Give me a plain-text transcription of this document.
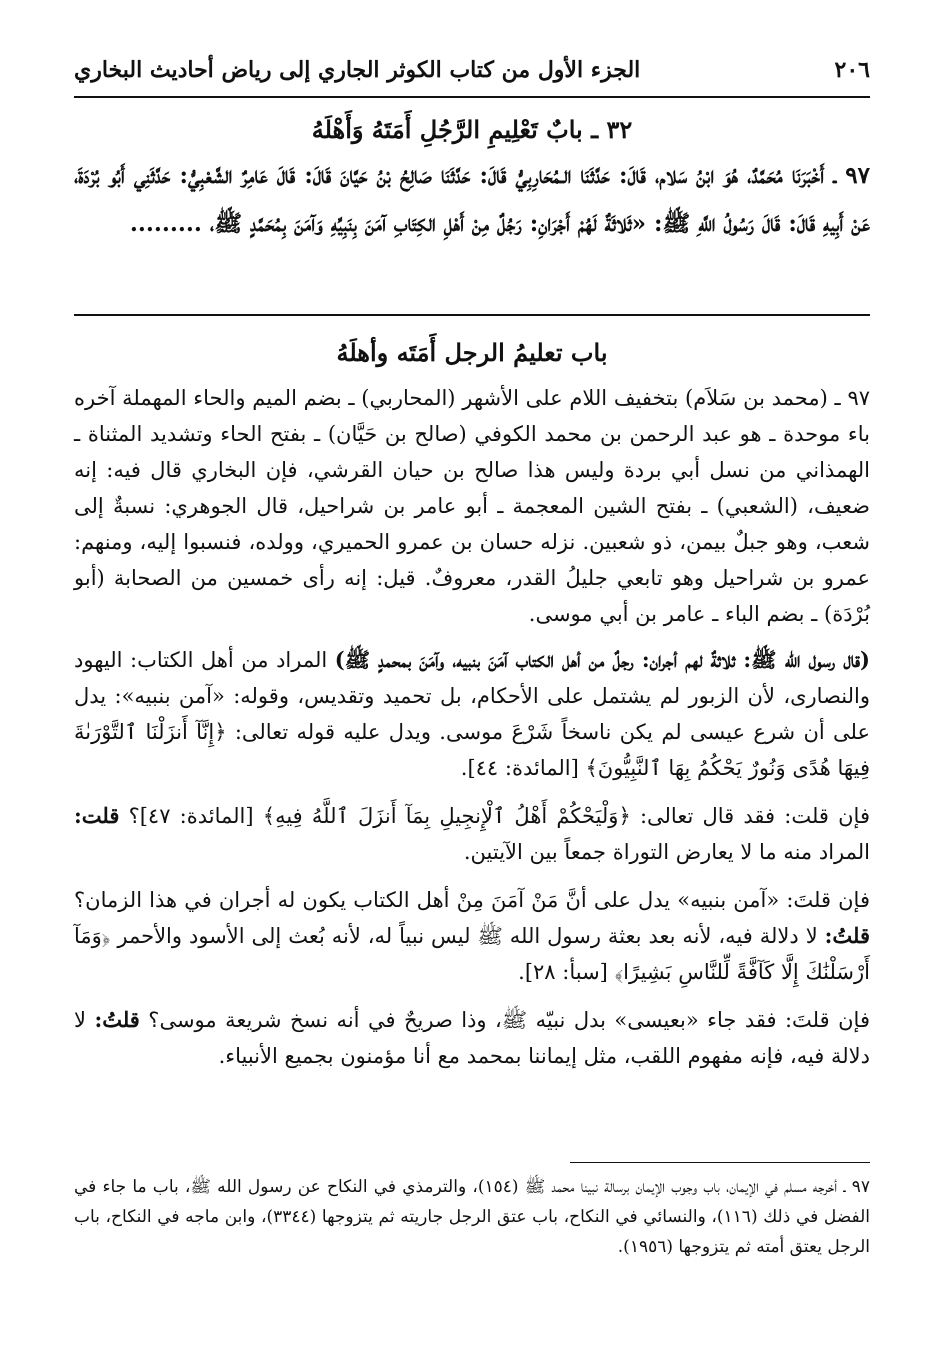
٢٠٦
الجزء الأول من كتاب الكوثر الجاري إلى رياض أحاديث البخاري
٣٢ ـ بابٌ تَعْلِيمِ الرَّجُلِ أَمَتَهُ وَأَهْلَهُ

٩٧ ـ أَخْبَرَنَا مُحَمَّدٌ، هُوَ ابْنُ سَلام، قَالَ: حَدَّثَنَا الـمُحَارِبِيُّ قَالَ: حَدَّثَنَا صَالِحُ بْنُ حَيَّانَ قَالَ: قَالَ عَامِرٌ الشَّعْبِيُّ: حَدَّثَنِي أَبُو بُرْدَةَ، عَنْ أَبِيهِ قَالَ: قَالَ رَسُولُ اللَّهِ ﷺ: «ثَلاثَةٌ لَهُمْ أَجْرَانِ: رَجُلٌ مِنْ أَهْلِ الكِتَابِ آمَنَ بِنَبِيِّهِ وَآمَنَ بِمُحَمَّدٍ ﷺ، .........

باب تعليمُ الرجل أَمَتَه وأهلَهُ

٩٧ ـ (محمد بن سَلاَم) بتخفيف اللام على الأشهر (المحاربي) ـ بضم الميم والحاء المهملة آخره باء موحدة ـ هو عبد الرحمن بن محمد الكوفي (صالح بن حَيَّان) ـ بفتح الحاء وتشديد المثناة ـ الهمذاني من نسل أبي بردة وليس هذا صالح بن حيان القرشي، فإن البخاري قال فيه: إنه ضعيف، (الشعبي) ـ بفتح الشين المعجمة ـ أبو عامر بن شراحيل، قال الجوهري: نسبةٌ إلى شعب، وهو جبلٌ بيمن، ذو شعبين. نزله حسان بن عمرو الحميري، وولده، فنسبوا إليه، ومنهم: عمرو بن شراحيل وهو تابعي جليلُ القدر، معروفٌ. قيل: إنه رأى خمسين من الصحابة (أبو بُرْدَة) ـ بضم الباء ـ عامر بن أبي موسى.

(قال رسول الله ﷺ: ثلاثةٌ لهم أجران: رجلٌ من أهل الكتاب آمَنَ بنبيه، وآمَنَ بمحمدٍ ﷺ) المراد من أهل الكتاب: اليهود والنصارى، لأن الزبور لم يشتمل على الأحكام، بل تحميد وتقديس، وقوله: «آمن بنبيه»: يدل على أن شرع عيسى لم يكن ناسخاً شَرْعَ موسى. ويدل عليه قوله تعالى: ﴿إِنَّآ أَنزَلْنَا ٱلتَّوْرَىٰةَ فِيهَا هُدًى وَنُورٌ يَحْكُمُ بِهَا ٱلنَّبِيُّونَ﴾ [المائدة: ٤٤].

فإن قلت: فقد قال تعالى: ﴿وَلْيَحْكُمْ أَهْلُ ٱلْإِنجِيلِ بِمَآ أَنزَلَ ٱللَّهُ فِيهِ﴾ [المائدة: ٤٧]؟ قلت: المراد منه ما لا يعارض التوراة جمعاً بين الآيتين.

فإن قلتَ: «آمن بنبيه» يدل على أنَّ مَنْ آمَنَ مِنْ أهل الكتاب يكون له أجران في هذا الزمان؟ قلتُ: لا دلالة فيه، لأنه بعد بعثة رسول الله ﷺ ليس نبياً له، لأنه بُعث إلى الأسود والأحمر ﴿وَمَآ أَرْسَلْنَٰكَ إِلَّا كَآفَّةً لِّلنَّاسِ بَشِيرًا﴾ [سبأ: ٢٨].

فإن قلتَ: فقد جاء «بعيسى» بدل نبيّه ﷺ، وذا صريحٌ في أنه نسخ شريعة موسى؟ قلتُ: لا دلالة فيه، فإنه مفهوم اللقب، مثل إيماننا بمحمد مع أنا مؤمنون بجميع الأنبياء.

٩٧ ـ أخرجه مسلم في الإيمان، باب وجوب الإيمان برسالة نبينا محمد ﷺ (١٥٤)، والترمذي في النكاح عن رسول الله ﷺ، باب ما جاء في الفضل في ذلك (١١٦)، والنسائي في النكاح، باب عتق الرجل جاريته ثم يتزوجها (٣٣٤٤)، وابن ماجه في النكاح، باب الرجل يعتق أمته ثم يتزوجها (١٩٥٦).
